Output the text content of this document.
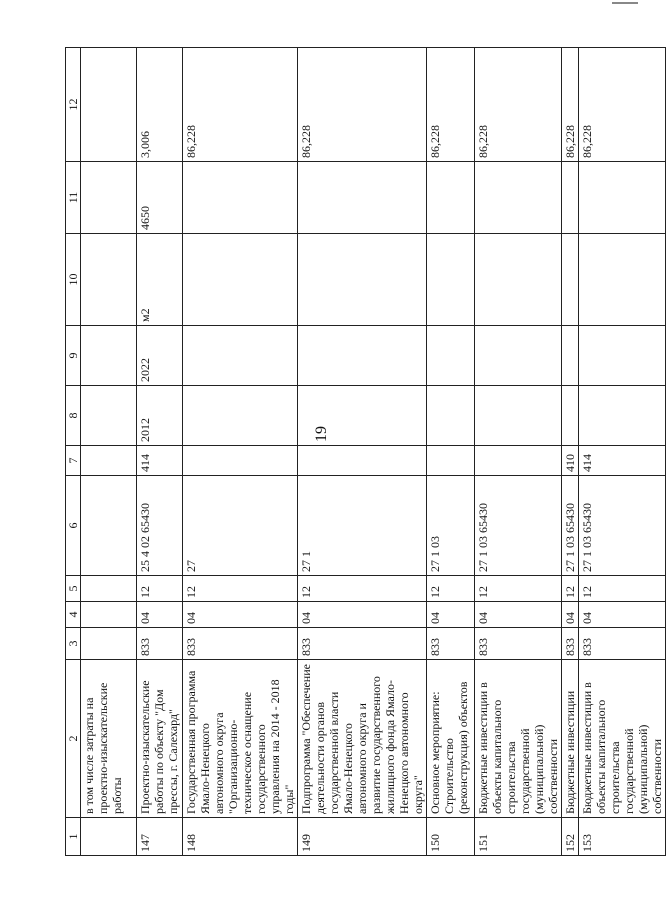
19
1	2	3	4	5	6	7	8	9	10	11	12
	в том числе затраты на проектно-изыскательские работы										
147	Проектно-изыскательские работы по объекту "Дом прессы, г. Салехард"	833	04	12	25 4 02 65430	414	2012	2022	м2	4650	3,006
148	Государственная программа Ямало-Ненецкого автономного округа "Организационно-техническое оснащение государственного управления на 2014 - 2018 годы"	833	04	12	27						86,228
149	Подпрограмма "Обеспечение деятельности органов государственной власти Ямало-Ненецкого автономного округа и развитие государственного жилищного фонда Ямало-Ненецкого автономного округа"	833	04	12	27 1						86,228
150	Основное мероприятие: Строительство (реконструкция) объектов	833	04	12	27 1 03						86,228
151	Бюджетные инвестиции в объекты капитального строительства государственной (муниципальной) собственности	833	04	12	27 1 03 65430						86,228
152	Бюджетные инвестиции	833	04	12	27 1 03 65430	410					86,228
153	Бюджетные инвестиции в объекты капитального строительства государственной (муниципальной) собственности	833	04	12	27 1 03 65430	414					86,228
